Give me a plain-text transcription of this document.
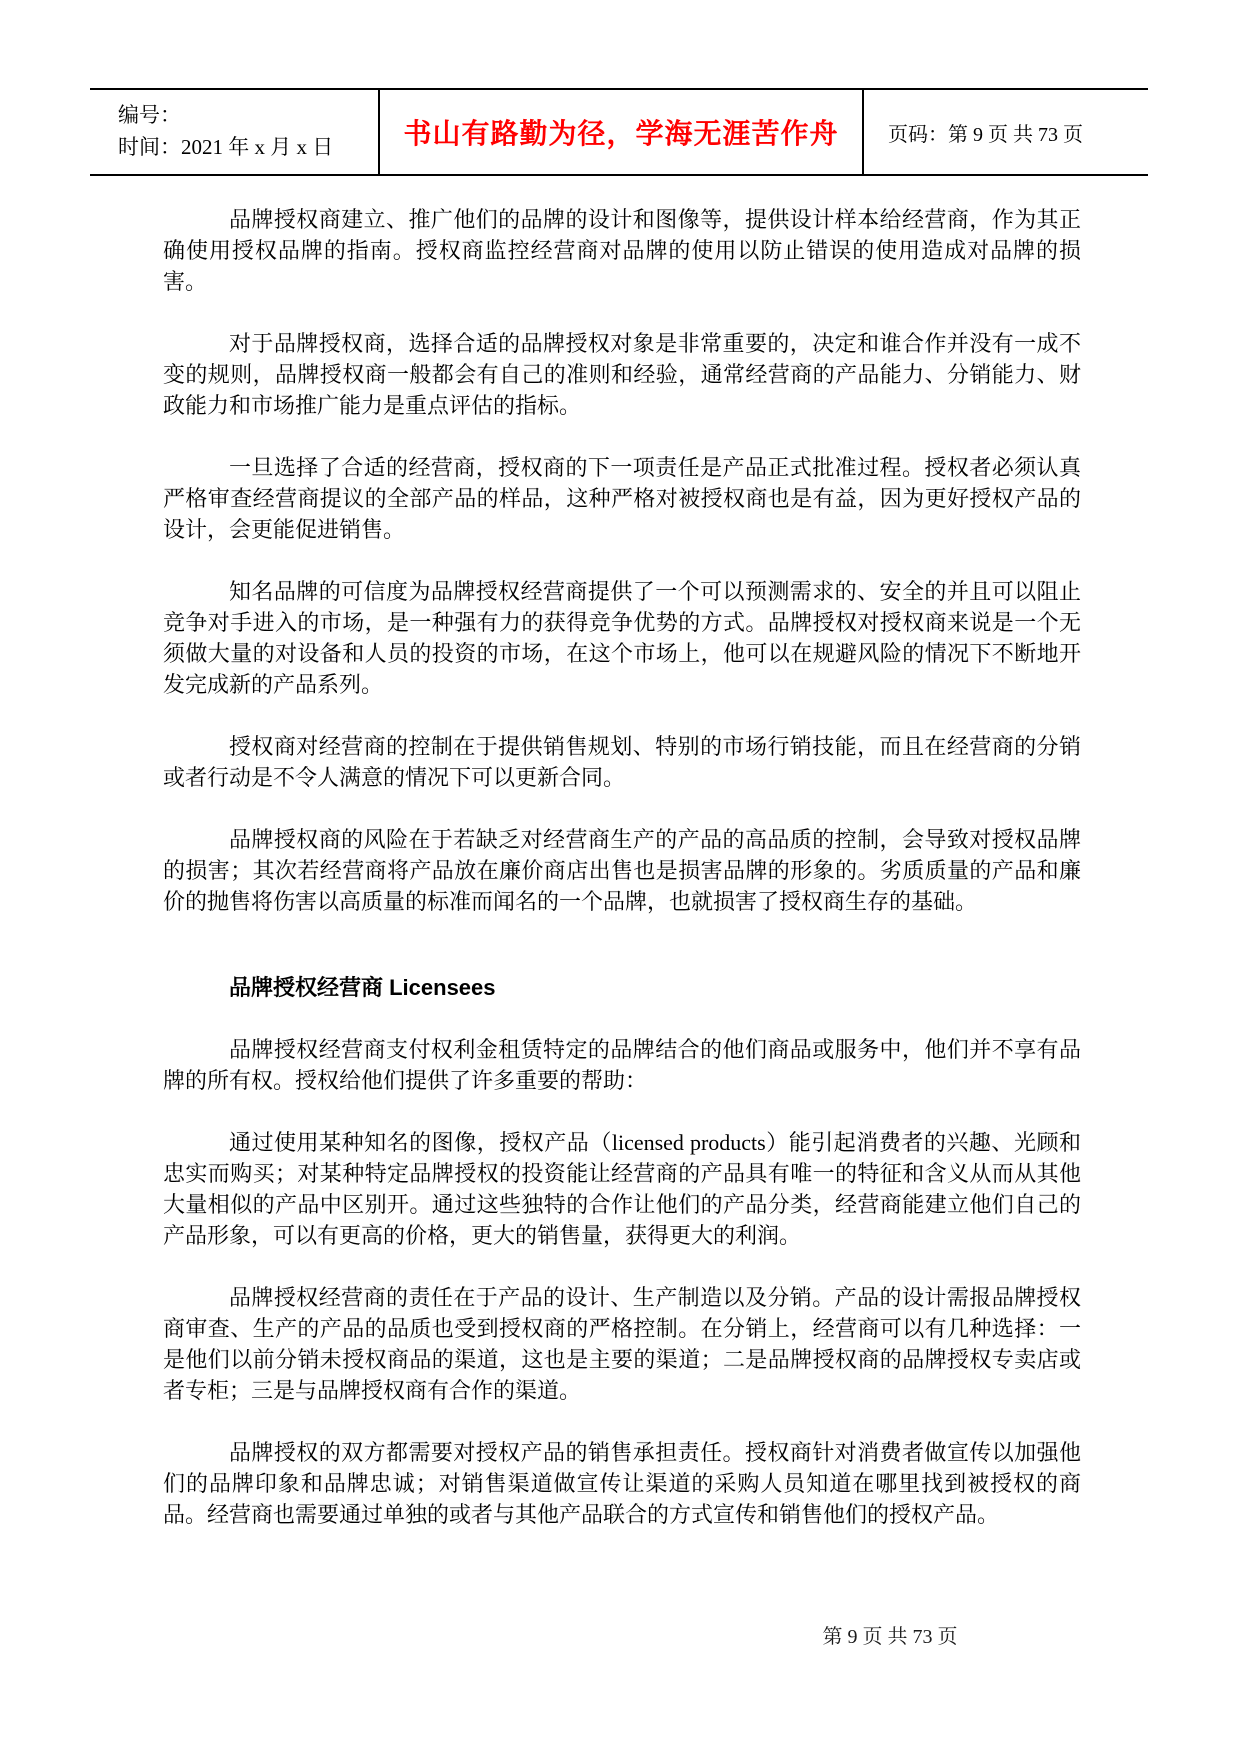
编号：
时间：2021 年 x 月 x 日	书山有路勤为径，学海无涯苦作舟 页码：第 9 页 共 73 页

品牌授权商建立、推广他们的品牌的设计和图像等，提供设计样本给经营商，作为其正确使用授权品牌的指南。授权商监控经营商对品牌的使用以防止错误的使用造成对品牌的损害。

对于品牌授权商，选择合适的品牌授权对象是非常重要的，决定和谁合作并没有一成不变的规则，品牌授权商一般都会有自己的准则和经验，通常经营商的产品能力、分销能力、财政能力和市场推广能力是重点评估的指标。

一旦选择了合适的经营商，授权商的下一项责任是产品正式批准过程。授权者必须认真严格审查经营商提议的全部产品的样品，这种严格对被授权商也是有益，因为更好授权产品的设计，会更能促进销售。

知名品牌的可信度为品牌授权经营商提供了一个可以预测需求的、安全的并且可以阻止竞争对手进入的市场，是一种强有力的获得竞争优势的方式。品牌授权对授权商来说是一个无须做大量的对设备和人员的投资的市场，在这个市场上，他可以在规避风险的情况下不断地开发完成新的产品系列。

授权商对经营商的控制在于提供销售规划、特别的市场行销技能，而且在经营商的分销或者行动是不令人满意的情况下可以更新合同。

品牌授权商的风险在于若缺乏对经营商生产的产品的高品质的控制，会导致对授权品牌的损害；其次若经营商将产品放在廉价商店出售也是损害品牌的形象的。劣质质量的产品和廉价的抛售将伤害以高质量的标准而闻名的一个品牌，也就损害了授权商生存的基础。

品牌授权经营商 Licensees

品牌授权经营商支付权利金租赁特定的品牌结合的他们商品或服务中，他们并不享有品牌的所有权。授权给他们提供了许多重要的帮助：

通过使用某种知名的图像，授权产品（licensed products）能引起消费者的兴趣、光顾和忠实而购买；对某种特定品牌授权的投资能让经营商的产品具有唯一的特征和含义从而从其他大量相似的产品中区别开。通过这些独特的合作让他们的产品分类，经营商能建立他们自己的产品形象，可以有更高的价格，更大的销售量，获得更大的利润。

品牌授权经营商的责任在于产品的设计、生产制造以及分销。产品的设计需报品牌授权商审查、生产的产品的品质也受到授权商的严格控制。在分销上，经营商可以有几种选择：一是他们以前分销未授权商品的渠道，这也是主要的渠道；二是品牌授权商的品牌授权专卖店或者专柜；三是与品牌授权商有合作的渠道。

品牌授权的双方都需要对授权产品的销售承担责任。授权商针对消费者做宣传以加强他们的品牌印象和品牌忠诚；对销售渠道做宣传让渠道的采购人员知道在哪里找到被授权的商品。经营商也需要通过单独的或者与其他产品联合的方式宣传和销售他们的授权产品。

第 9 页 共 73 页
